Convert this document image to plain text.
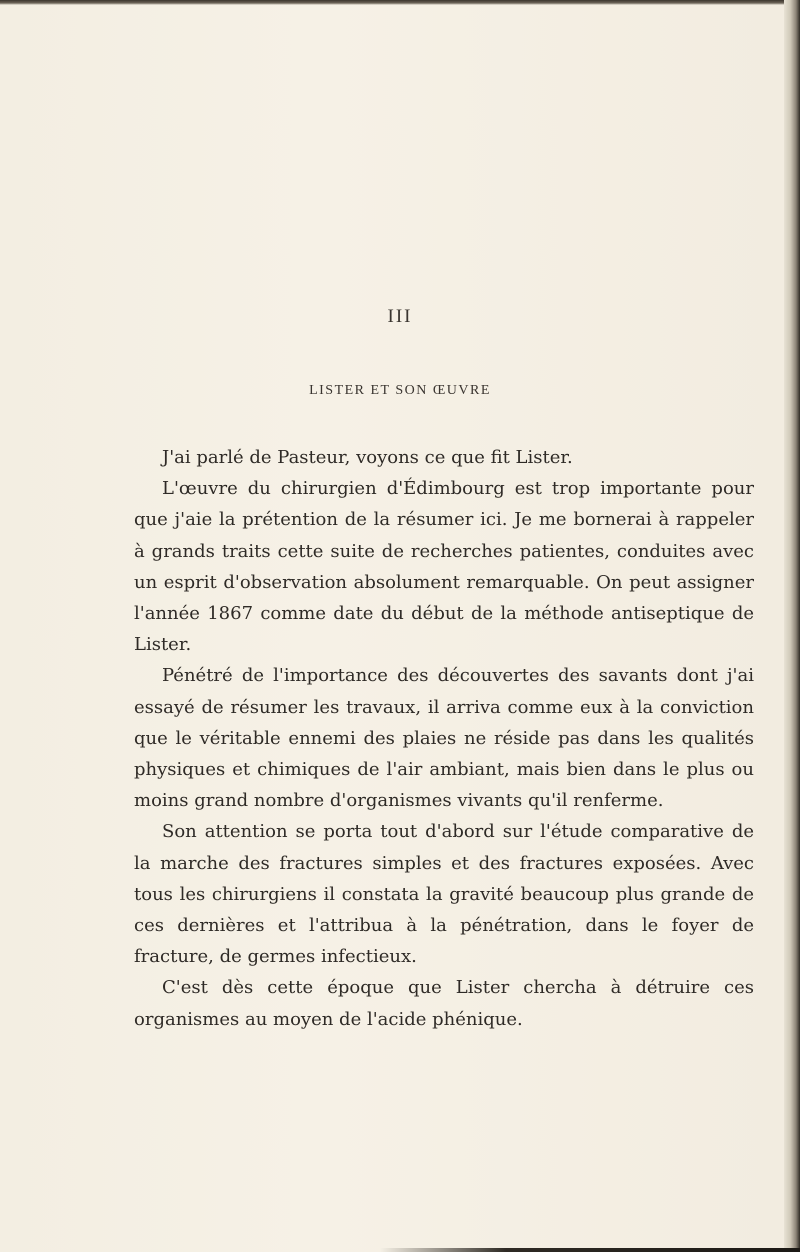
III
LISTER ET SON ŒUVRE

J'ai parlé de Pasteur, voyons ce que fit Lister.

L'œuvre du chirurgien d'Édimbourg est trop importante pour que j'aie la prétention de la résumer ici. Je me bornerai à rappeler à grands traits cette suite de recherches patientes, conduites avec un esprit d'observation absolument remarquable. On peut assigner l'année 1867 comme date du début de la méthode antiseptique de Lister.

Pénétré de l'importance des découvertes des savants dont j'ai essayé de résumer les travaux, il arriva comme eux à la conviction que le véritable ennemi des plaies ne réside pas dans les qualités physiques et chimiques de l'air ambiant, mais bien dans le plus ou moins grand nombre d'organismes vivants qu'il renferme.

Son attention se porta tout d'abord sur l'étude comparative de la marche des fractures simples et des fractures exposées. Avec tous les chirurgiens il constata la gravité beaucoup plus grande de ces dernières et l'attribua à la pénétration, dans le foyer de fracture, de germes infectieux.

C'est dès cette époque que Lister chercha à détruire ces organismes au moyen de l'acide phénique.
